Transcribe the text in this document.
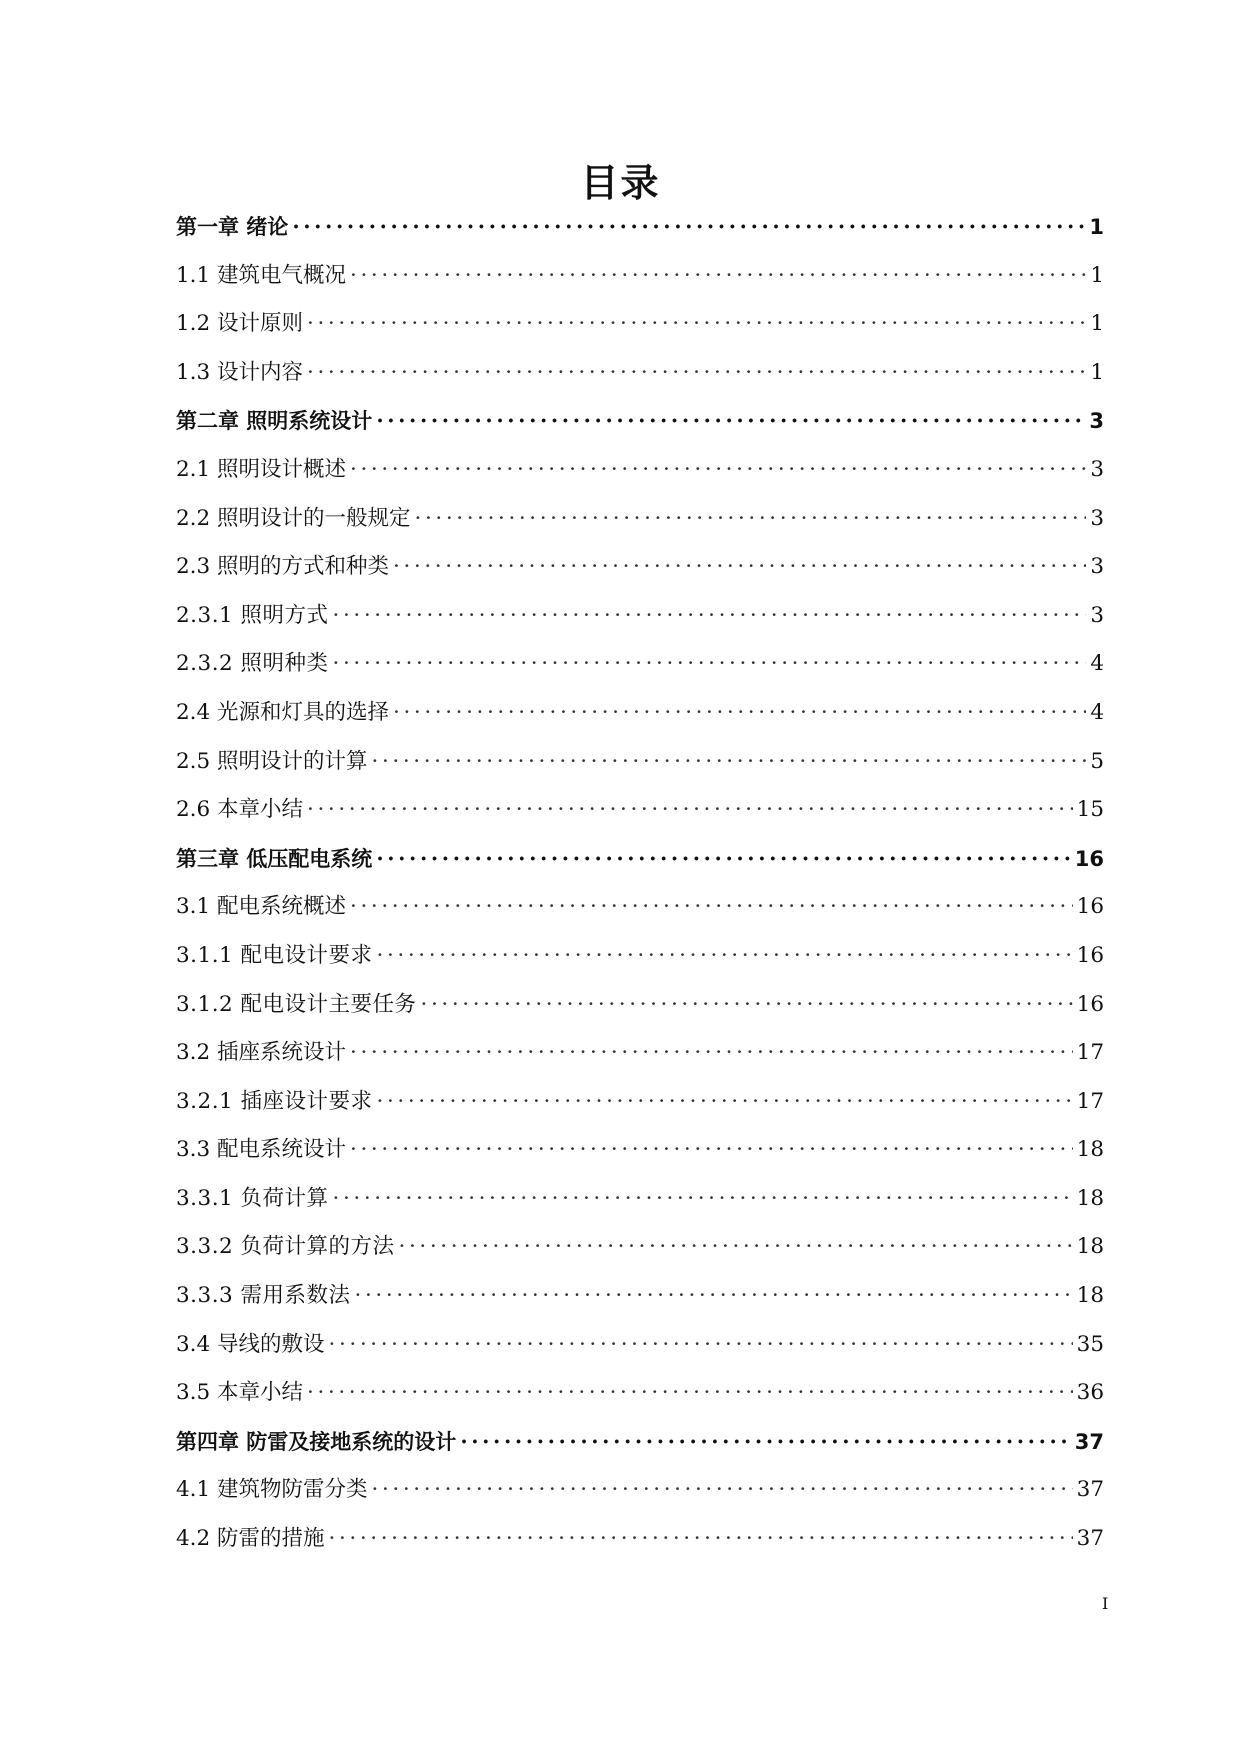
目录
第一章 绪论 ·····	1
1.1 建筑电气概况 ·····	1
1.2 设计原则 ·····	1
1.3 设计内容 ·····	1
第二章 照明系统设计 ·····	3
2.1 照明设计概述 ·····	3
2.2 照明设计的一般规定 ·····	3
2.3 照明的方式和种类 ·····	3
2.3.1 照明方式 ·····	3
2.3.2 照明种类 ·····	4
2.4 光源和灯具的选择 ·····	4
2.5 照明设计的计算 ·····	5
2.6 本章小结 ·····	15
第三章 低压配电系统 ·····	16
3.1 配电系统概述 ·····	16
3.1.1 配电设计要求 ·····	16
3.1.2 配电设计主要任务 ·····	16
3.2 插座系统设计 ·····	17
3.2.1 插座设计要求 ·····	17
3.3 配电系统设计 ·····	18
3.3.1 负荷计算 ·····	18
3.3.2 负荷计算的方法 ·····	18
3.3.3 需用系数法 ·····	18
3.4 导线的敷设 ·····	35
3.5 本章小结 ·····	36
第四章 防雷及接地系统的设计 ·····	37
4.1 建筑物防雷分类 ·····	37
4.2 防雷的措施 ·····	37
I
